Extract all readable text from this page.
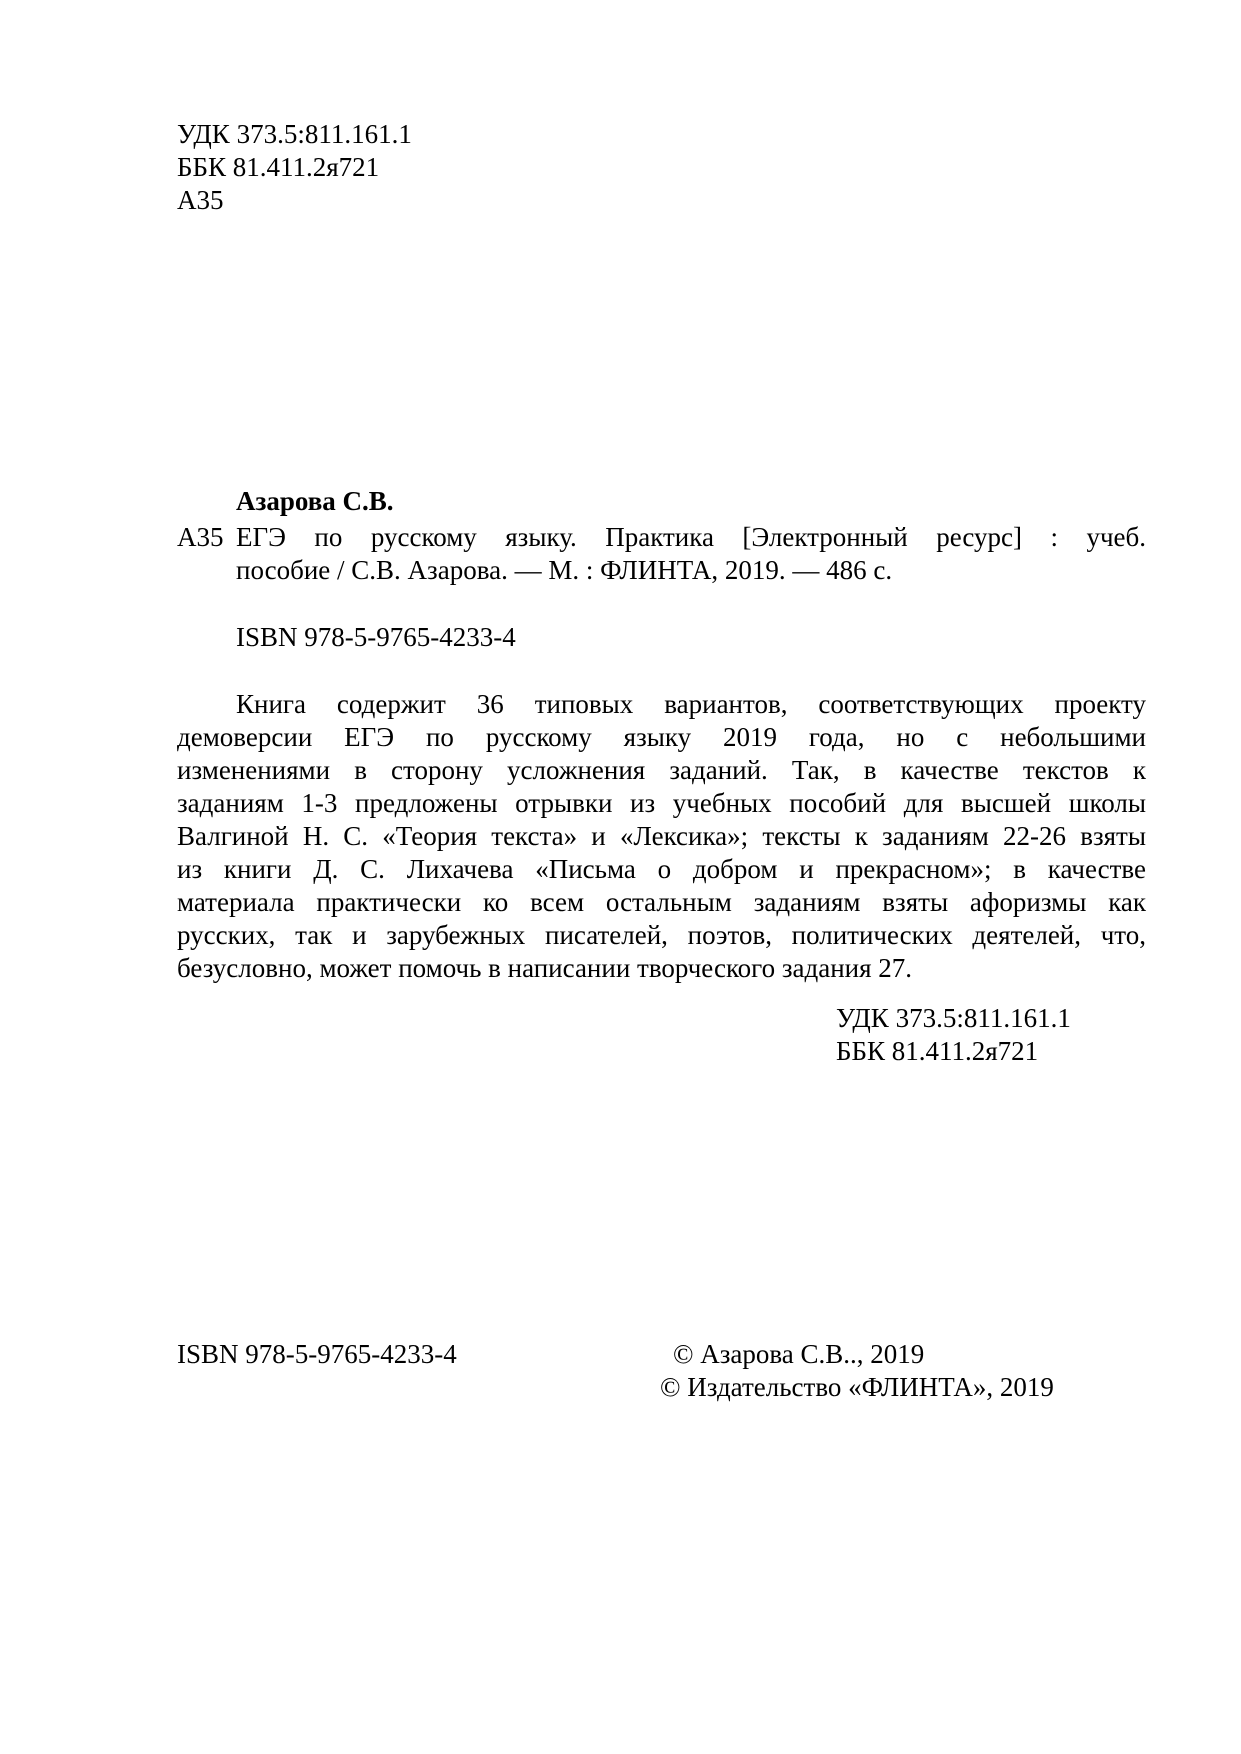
УДК 373.5:811.161.1
ББК 81.411.2я721
А35
Азарова С.В.
А35 ЕГЭ по русскому языку. Практика [Электронный ресурс] : учеб.
пособие / С.В. Азарова. — М. : ФЛИНТА, 2019. — 486 с.
ISBN 978-5-9765-4233-4
Книга содержит 36 типовых вариантов, соответствующих проекту
демоверсии ЕГЭ по русскому языку 2019 года, но с небольшими
изменениями в сторону усложнения заданий. Так, в качестве текстов к
заданиям 1-3 предложены отрывки из учебных пособий для высшей школы
Валгиной Н. С. «Теория текста» и «Лексика»; тексты к заданиям 22-26 взяты
из книги Д. С. Лихачева «Письма о добром и прекрасном»; в качестве
материала практически ко всем остальным заданиям взяты афоризмы как
русских, так и зарубежных писателей, поэтов, политических деятелей, что,
безусловно, может помочь в написании творческого задания 27.
УДК 373.5:811.161.1
ББК 81.411.2я721
ISBN 978-5-9765-4233-4	© Азарова С.В.., 2019
© Издательство «ФЛИНТА», 2019
